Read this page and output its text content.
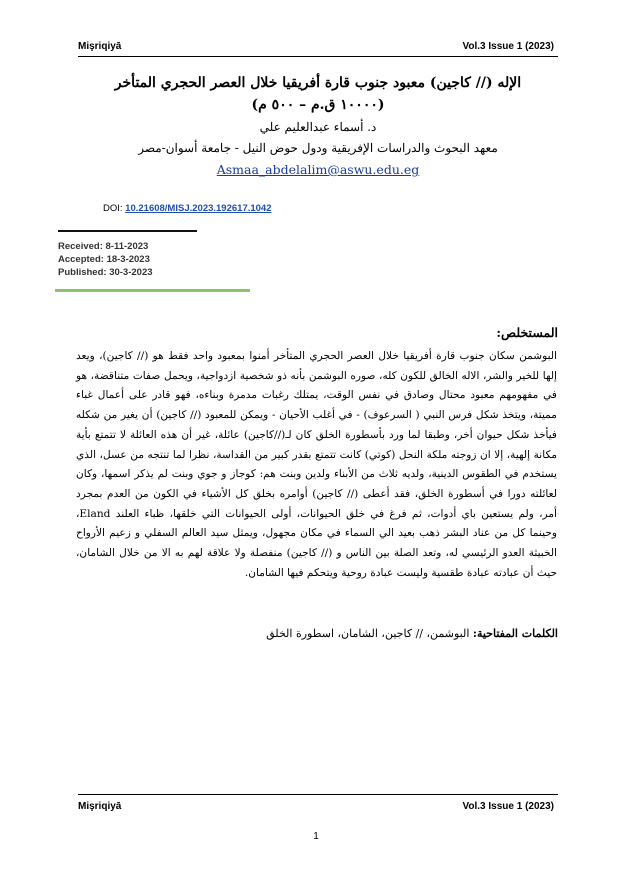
Mişriqiyā	Vol.3 Issue 1 (2023)
الإله (// كاجين) معبود جنوب قارة أفريقيا خلال العصر الحجري المتأخر
(١٠٠٠٠ ق.م – ٥٠٠ م)
د. أسماء عبدالعليم علي
معهد البحوث والدراسات الإفريقية ودول حوض النيل - جامعة أسوان-مصر
Asmaa_abdelalim@aswu.edu.eg
DOI: 10.21608/MISJ.2023.192617.1042
Received: 8-11-2023
Accepted: 18-3-2023
Published: 30-3-2023
المستخلص:
البوشمن سكان جنوب قارة أفريقيا خلال العصر الحجري المتأخر أمنوا بمعبود واحد فقط هو (// كاجين)، ويعد إلها للخير والشر، الاله الخالق للكون كله، صوره البوشمن بأنه ذو شخصية ازدواجية، ويحمل صفات متناقضة، هو في مفهومهم معبود محتال وصادق في نفس الوقت، يمتلك رغبات مدمرة وبناءه، فهو قادر على أعمال غباء مميتة، ويتخذ شكل فرس النبي ( السرعوف) - في أغلب الأحيان - ويمكن للمعبود (// كاجين) أن يغير من شكله فيأخذ شكل حيوان أخر، وطبقا لما ورد بأسطورة الخلق كان لـ(//كاجين) عائلة، غير أن هذه العائلة لا تتمتع بأية مكانة إلهية، إلا ان زوجته ملكة النحل (كوتي) كانت تتمتع بقدر كبير من القداسة، نظرا لما تنتجه من عسل، الذي يستخدم في الطقوس الدينية، ولديه ثلاث من الأبناء ولدين وبنت هم: كوجاز و جوي وبنت لم يذكر اسمها، وكان لعائلته دورا في أسطورة الخلق، فقد أعطى (// كاجين) أوامره بخلق كل الأشياء في الكون من العدم بمجرد أمر، ولم يستعين باي أدوات، ثم فرغ في خلق الحيوانات، أولى الحيوانات التي خلقها، ظباء العلند Eland، وحينما كل من عناد البشر ذهب بعيد الي السماء في مكان مجهول، ويمثل سيد العالم السفلي و زعيم الأرواح الخبيثة العدو الرئيسي له، وتعد الصلة بين الناس و (// كاجين) منفصلة ولا علاقة لهم به الا من خلال الشامان، حيث أن عبادته عبادة طقسية وليست عبادة روحية ويتحكم فيها الشامان.
الكلمات المفتاحية: البوشمن، // كاجين، الشامان، اسطورة الخلق
Mişriqiyā	Vol.3 Issue 1 (2023)
1
